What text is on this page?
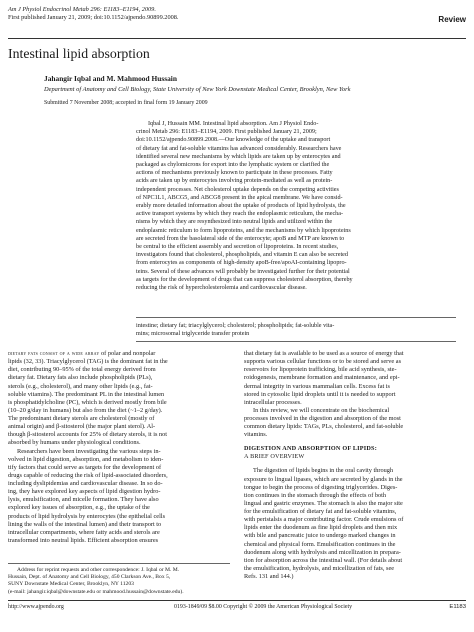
Am J Physiol Endocrinol Metab 296: E1183–E1194, 2009.
First published January 21, 2009; doi:10.1152/ajpendo.90899.2008.	Review
Intestinal lipid absorption
Jahangir Iqbal and M. Mahmood Hussain
Department of Anatomy and Cell Biology, State University of New York Downstate Medical Center, Brooklyn, New York
Submitted 7 November 2008; accepted in final form 19 January 2009
Iqbal J, Hussain MM. Intestinal lipid absorption. Am J Physiol Endo-
crinol Metab 296: E1183–E1194, 2009. First published January 21, 2009;
doi:10.1152/ajpendo.90899.2008.—Our knowledge of the uptake and transport
of dietary fat and fat-soluble vitamins has advanced considerably. Researchers have
identified several new mechanisms by which lipids are taken up by enterocytes and
packaged as chylomicrons for export into the lymphatic system or clarified the
actions of mechanisms previously known to participate in these processes. Fatty
acids are taken up by enterocytes involving protein-mediated as well as protein-
independent processes. Net cholesterol uptake depends on the competing activities
of NPC1L1, ABCG5, and ABCG8 present in the apical membrane. We have consid-
erably more detailed information about the uptake of products of lipid hydrolysis, the
active transport systems by which they reach the endoplasmic reticulum, the mecha-
nisms by which they are resynthesized into neutral lipids and utilized within the
endoplasmic reticulum to form lipoproteins, and the mechanisms by which lipoproteins
are secreted from the basolateral side of the enterocyte; apoB and MTP are known to
be central to the efficient assembly and secretion of lipoproteins. In recent studies,
investigators found that cholesterol, phospholipids, and vitamin E can also be secreted
from enterocytes as components of high-density apoB-free/apoAI-containing lipopro-
teins. Several of these advances will probably be investigated further for their potential
as targets for the development of drugs that can suppress cholesterol absorption, thereby
reducing the risk of hypercholesterolemia and cardiovascular disease.
intestine; dietary fat; triacylglycerol; cholesterol; phospholipids; fat-soluble vita-
mins; microsomal triglyceride transfer protein
dietary fats consist of a wide array of polar and nonpolar
lipids (32, 33). Triacylglycerol (TAG) is the dominant fat in the
diet, contributing 90–95% of the total energy derived from
dietary fat. Dietary fats also include phospholipids (PLs),
sterols (e.g., cholesterol), and many other lipids (e.g., fat-
soluble vitamins). The predominant PL in the intestinal lumen
is phosphatidylcholine (PC), which is derived mostly from bile
(10–20 g/day in humans) but also from the diet (~1–2 g/day).
The predominant dietary sterols are cholesterol (mostly of
animal origin) and β-sitosterol (the major plant sterol). Al-
though β-sitosterol accounts for 25% of dietary sterols, it is not
absorbed by humans under physiological conditions.
Researchers have been investigating the various steps in-
volved in lipid digestion, absorption, and metabolism to iden-
tify factors that could serve as targets for the development of
drugs capable of reducing the risk of lipid-associated disorders,
including dyslipidemias and cardiovascular disease. In so do-
ing, they have explored key aspects of lipid digestion hydro-
lysis, emulsification, and micelle formation. They have also
explored key issues of absorption, e.g., the uptake of the
products of lipid hydrolysis by enterocytes (the epithelial cells
lining the walls of the intestinal lumen) and their transport to
intracellular compartments, where fatty acids and sterols are
transformed into neutral lipids. Efficient absorption ensures
that dietary fat is available to be used as a source of energy that
supports various cellular functions or to be stored and serve as
reservoirs for lipoprotein trafficking, bile acid synthesis, ste-
roidogenesis, membrane formation and maintenance, and epi-
dermal integrity in various mammalian cells. Excess fat is
stored in cytosolic lipid droplets until it is needed to support
intracellular processes.
In this review, we will concentrate on the biochemical
processes involved in the digestion and absorption of the most
common dietary lipids: TAGs, PLs, cholesterol, and fat-soluble
vitamins.
DIGESTION AND ABSORPTION OF LIPIDS:
A BRIEF OVERVIEW
The digestion of lipids begins in the oral cavity through
exposure to lingual lipases, which are secreted by glands in the
tongue to begin the process of digesting triglycerides. Diges-
tion continues in the stomach through the effects of both
lingual and gastric enzymes. The stomach is also the major site
for the emulsification of dietary fat and fat-soluble vitamins,
with peristalsis a major contributing factor. Crude emulsions of
lipids enter the duodenum as fine lipid droplets and then mix
with bile and pancreatic juice to undergo marked changes in
chemical and physical form. Emulsification continues in the
duodenum along with hydrolysis and micellization in prepara-
tion for absorption across the intestinal wall. (For details about
the emulsification, hydrolysis, and micellization of fats, see
Refs. 131 and 144.)
Address for reprint requests and other correspondence: J. Iqbal or M. M.
Hussain, Dept. of Anatomy and Cell Biology, 450 Clarkson Ave., Box 5,
SUNY Downstate Medical Center, Brooklyn, NY 11203
(e-mail: jahangir.iqbal@downstate.edu or mahmood.hussain@downstate.edu).
http://www.ajpendo.org	0193-1849/09 $8.00 Copyright © 2009 the American Physiological Society	E1183
